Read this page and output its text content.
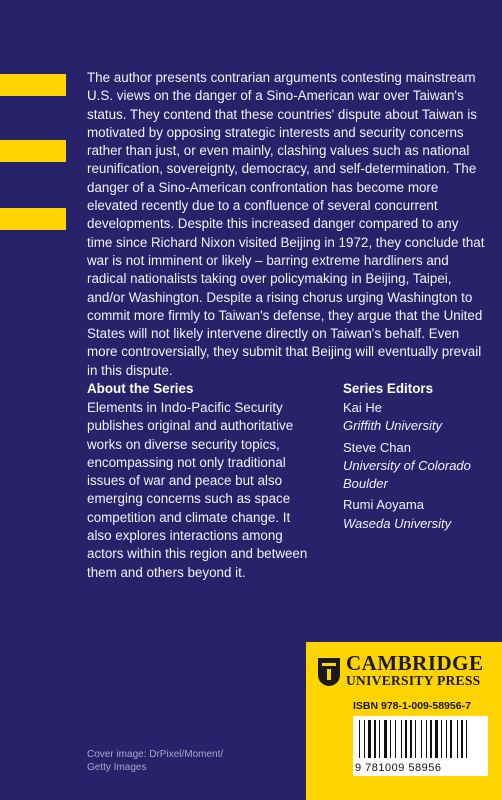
The author presents contrarian arguments contesting mainstream U.S. views on the danger of a Sino-American war over Taiwan's status. They contend that these countries' dispute about Taiwan is motivated by opposing strategic interests and security concerns rather than just, or even mainly, clashing values such as national reunification, sovereignty, democracy, and self-determination. The danger of a Sino-American confrontation has become more elevated recently due to a confluence of several concurrent developments. Despite this increased danger compared to any time since Richard Nixon visited Beijing in 1972, they conclude that war is not imminent or likely – barring extreme hardliners and radical nationalists taking over policymaking in Beijing, Taipei, and/or Washington. Despite a rising chorus urging Washington to commit more firmly to Taiwan's defense, they argue that the United States will not likely intervene directly on Taiwan's behalf. Even more controversially, they submit that Beijing will eventually prevail in this dispute.

About the Series

Elements in Indo-Pacific Security publishes original and authoritative works on diverse security topics, encompassing not only traditional issues of war and peace but also emerging concerns such as space competition and climate change. It also explores interactions among actors within this region and between them and others beyond it.

Series Editors
Kai He
Griffith University
Steve Chan
University of Colorado Boulder
Rumi Aoyama
Waseda University
Cover image: DrPixel/Moment/ Getty Images
CAMBRIDGE
UNIVERSITY PRESS
ISBN 978-1-009-58956-7
9 781009 58956
